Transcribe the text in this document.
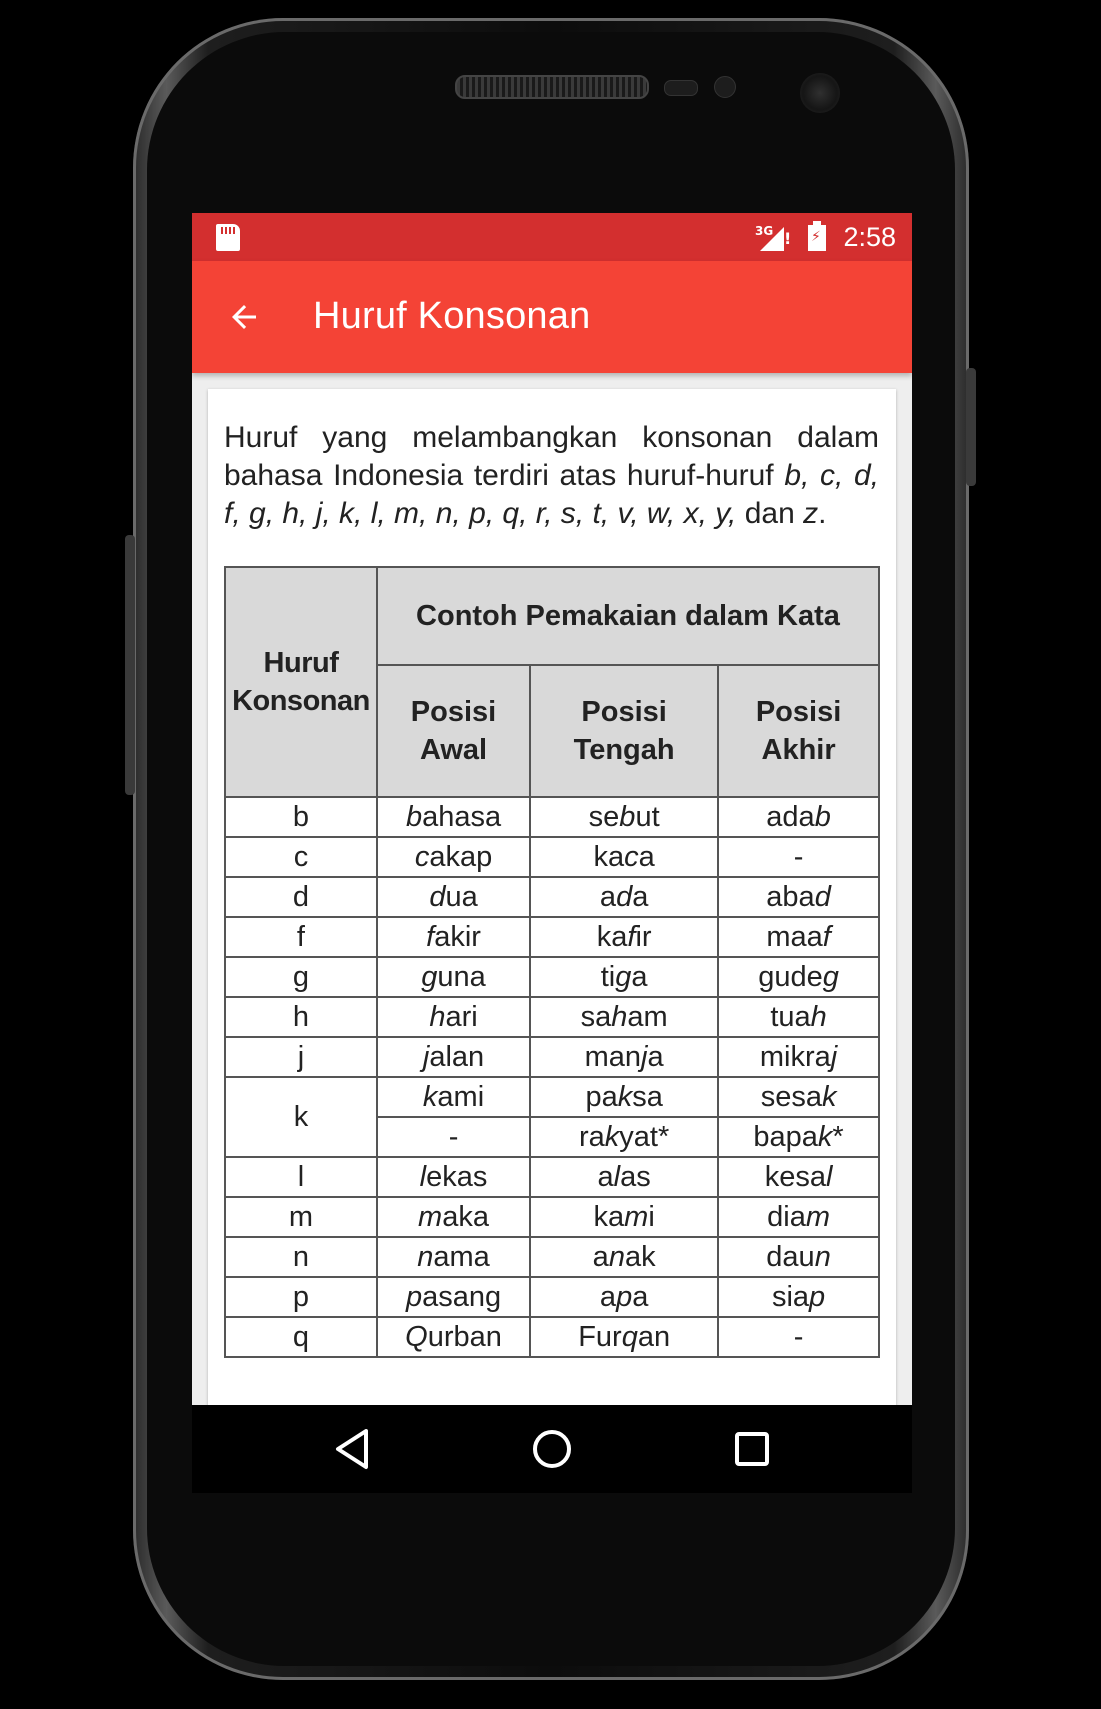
3G ! ⚡ 2:58
Huruf Konsonan

Huruf yang melambangkan konsonan dalam bahasa Indonesia terdiri atas huruf-huruf b, c, d, f, g, h, j, k, l, m, n, p, q, r, s, t, v, w, x, y, dan z.

Huruf Konsonan	Contoh Pemakaian dalam Kata		
	Posisi Awal	Posisi Tengah	Posisi Akhir
b	bahasa	sebut	adab
c	cakap	kaca	-
d	dua	ada	abad
f	fakir	kafir	maaf
g	guna	tiga	gudeg
h	hari	saham	tuah
j	jalan	manja	mikraj
k	kami	paksa	sesak
	-	rakyat*	bapak*
l	lekas	alas	kesal
m	maka	kami	diam
n	nama	anak	daun
p	pasang	apa	siap
q	Qurban	Furqan	-
